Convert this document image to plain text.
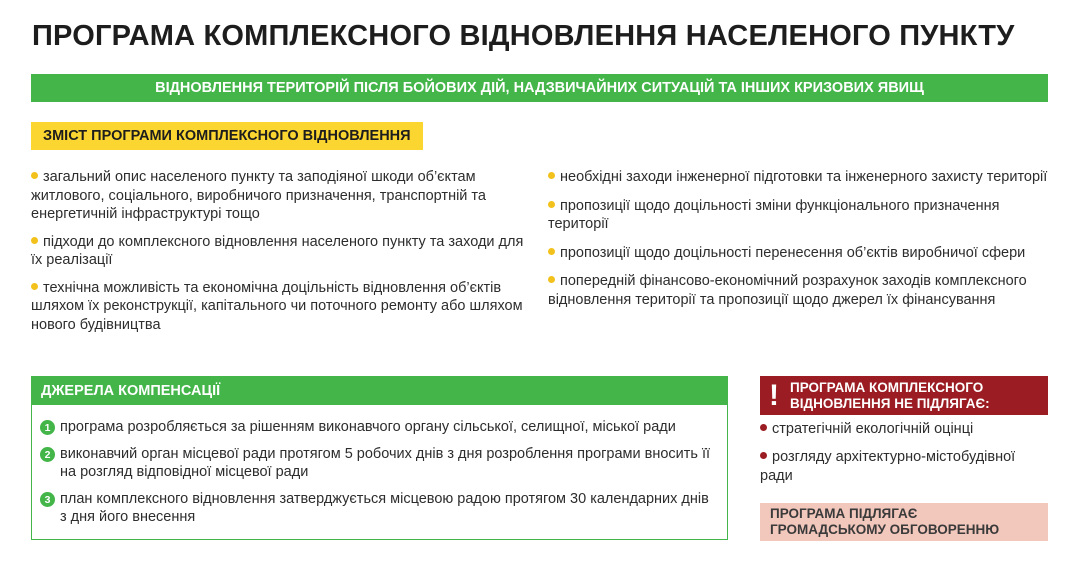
ПРОГРАМА КОМПЛЕКСНОГО ВІДНОВЛЕННЯ НАСЕЛЕНОГО ПУНКТУ
ВІДНОВЛЕННЯ ТЕРИТОРІЙ ПІСЛЯ БОЙОВИХ ДІЙ, НАДЗВИЧАЙНИХ СИТУАЦІЙ ТА ІНШИХ КРИЗОВИХ ЯВИЩ
ЗМІСТ ПРОГРАМИ КОМПЛЕКСНОГО ВІДНОВЛЕННЯ
загальний опис населеного пункту та заподіяної шкоди об’єктам житлового, соціального, виробничого призначення, транспортній та енергетичній інфраструктурі тощо
підходи до комплексного відновлення населеного пункту та заходи для їх реалізації
технічна можливість та економічна доцільність відновлення об’єктів шляхом їх реконструкції, капітального чи поточного ремонту або шляхом нового будівництва
необхідні заходи інженерної підготовки та інженерного захисту території
пропозиції щодо доцільності зміни функціонального призначення території
пропозиції щодо доцільності перенесення об’єктів виробничої сфери
попередній фінансово-економічний розрахунок заходів комплексного відновлення території та пропозиції щодо джерел їх фінансування
ДЖЕРЕЛА КОМПЕНСАЦІЇ
1 програма розробляється за рішенням виконавчого органу сільської, селищної, міської ради
2 виконавчий орган місцевої ради протягом 5 робочих днів з дня розроблення програми вносить її на розгляд відповідної місцевої ради
3 план комплексного відновлення затверджується місцевою радою протягом 30 календарних днів з дня його внесення
! ПРОГРАМА КОМПЛЕКСНОГО
ВІДНОВЛЕННЯ НЕ ПІДЛЯГАЄ:
стратегічній екологічній оцінці
розгляду архітектурно-містобудівної ради
ПРОГРАМА ПІДЛЯГАЄ
ГРОМАДСЬКОМУ ОБГОВОРЕННЮ
